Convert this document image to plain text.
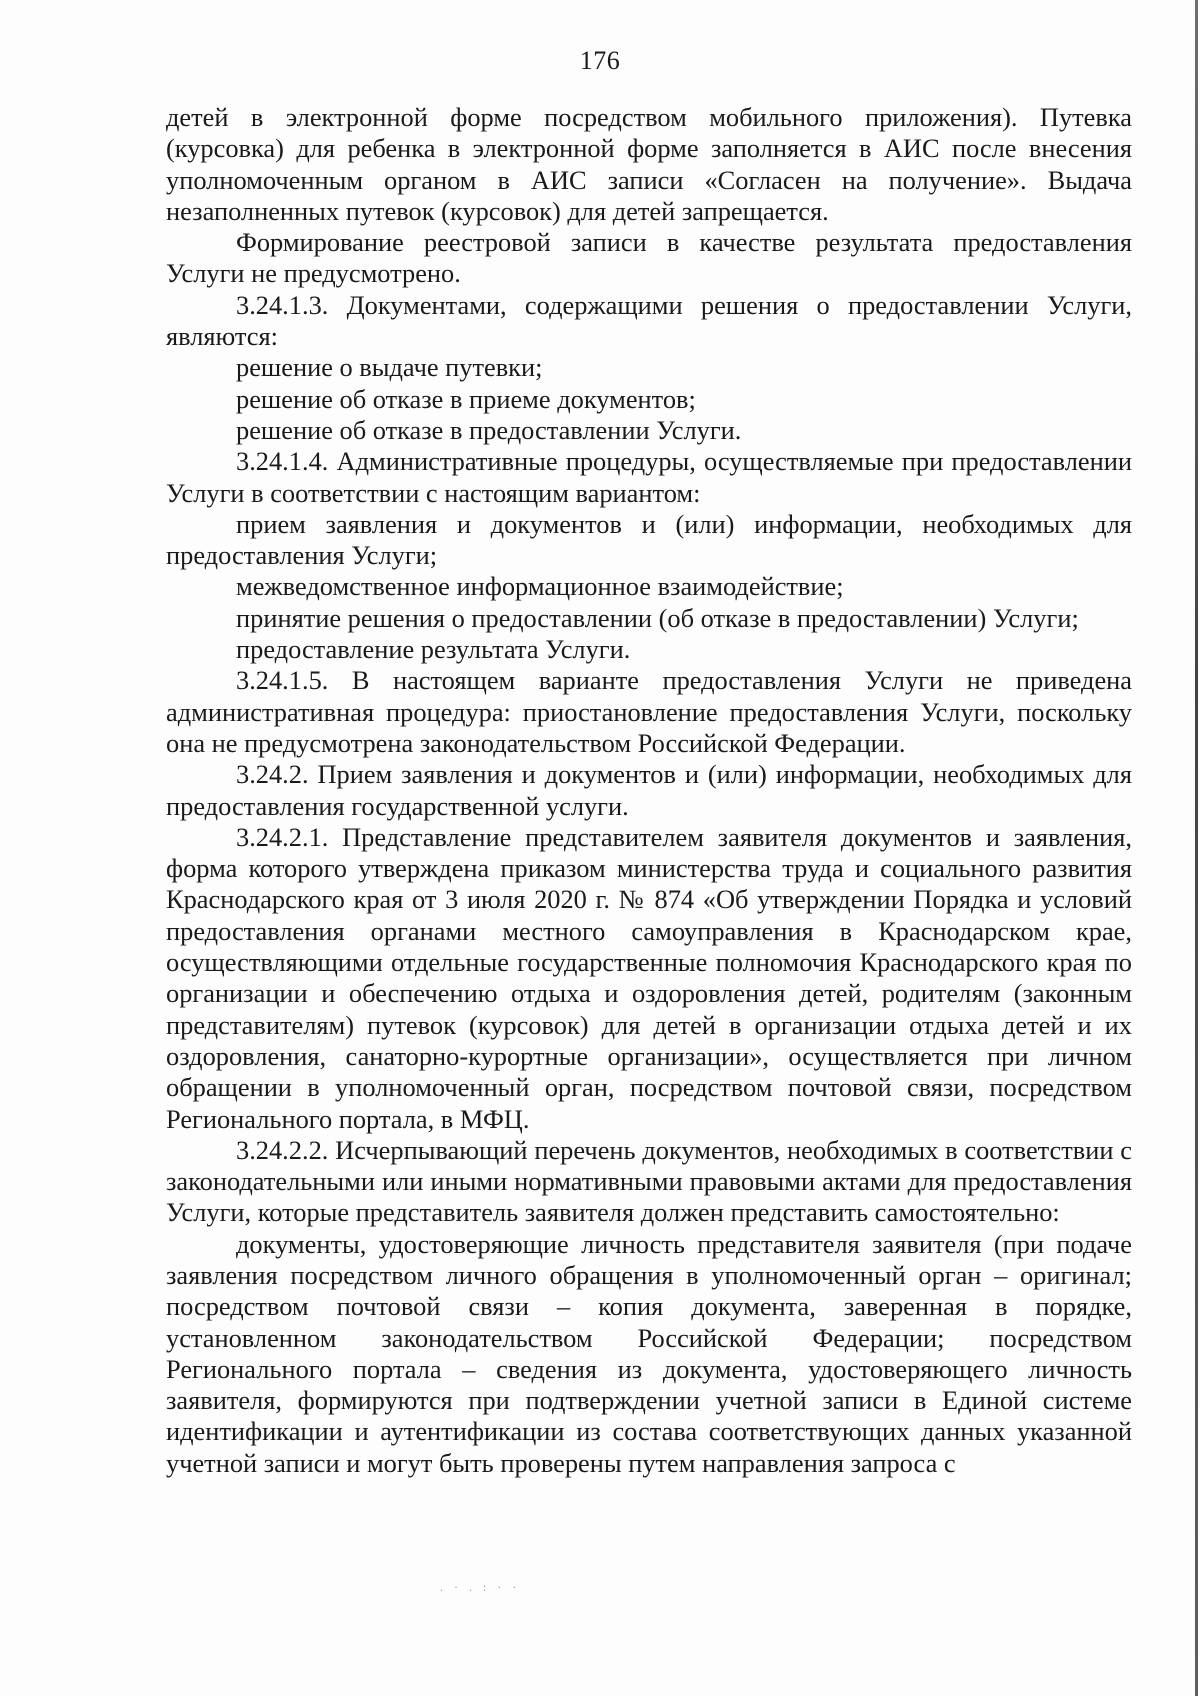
176

детей в электронной форме посредством мобильного приложения). Путевка (курсовка) для ребенка в электронной форме заполняется в АИС после внесения уполномоченным органом в АИС записи «Согласен на получение». Выдача незаполненных путевок (курсовок) для детей запрещается.

Формирование реестровой записи в качестве результата предоставления Услуги не предусмотрено.

3.24.1.3. Документами, содержащими решения о предоставлении Услуги, являются:

решение о выдаче путевки;

решение об отказе в приеме документов;

решение об отказе в предоставлении Услуги.

3.24.1.4. Административные процедуры, осуществляемые при предоставлении Услуги в соответствии с настоящим вариантом:

прием заявления и документов и (или) информации, необходимых для предоставления Услуги;

межведомственное информационное взаимодействие;

принятие решения о предоставлении (об отказе в предоставлении) Услуги;

предоставление результата Услуги.

3.24.1.5. В настоящем варианте предоставления Услуги не приведена административная процедура: приостановление предоставления Услуги, поскольку она не предусмотрена законодательством Российской Федерации.

3.24.2. Прием заявления и документов и (или) информации, необходимых для предоставления государственной услуги.

3.24.2.1. Представление представителем заявителя документов и заявления, форма которого утверждена приказом министерства труда и социального развития Краснодарского края от 3 июля 2020 г. № 874 «Об утверждении Порядка и условий предоставления органами местного самоуправления в Краснодарском крае, осуществляющими отдельные государственные полномочия Краснодарского края по организации и обеспечению отдыха и оздоровления детей, родителям (законным представителям) путевок (курсовок) для детей в организации отдыха детей и их оздоровления, санаторно-курортные организации», осуществляется при личном обращении в уполномоченный орган, посредством почтовой связи, посредством Регионального портала, в МФЦ.

3.24.2.2. Исчерпывающий перечень документов, необходимых в соответствии с законодательными или иными нормативными правовыми актами для предоставления Услуги, которые представитель заявителя должен представить самостоятельно:

документы, удостоверяющие личность представителя заявителя (при подаче заявления посредством личного обращения в уполномоченный орган – оригинал; посредством почтовой связи – копия документа, заверенная в порядке, установленном законодательством Российской Федерации; посредством Регионального портала – сведения из документа, удостоверяющего личность заявителя, формируются при подтверждении учетной записи в Единой системе идентификации и аутентификации из состава соответствующих данных указанной учетной записи и могут быть проверены путем направления запроса с

. · . : · ·
